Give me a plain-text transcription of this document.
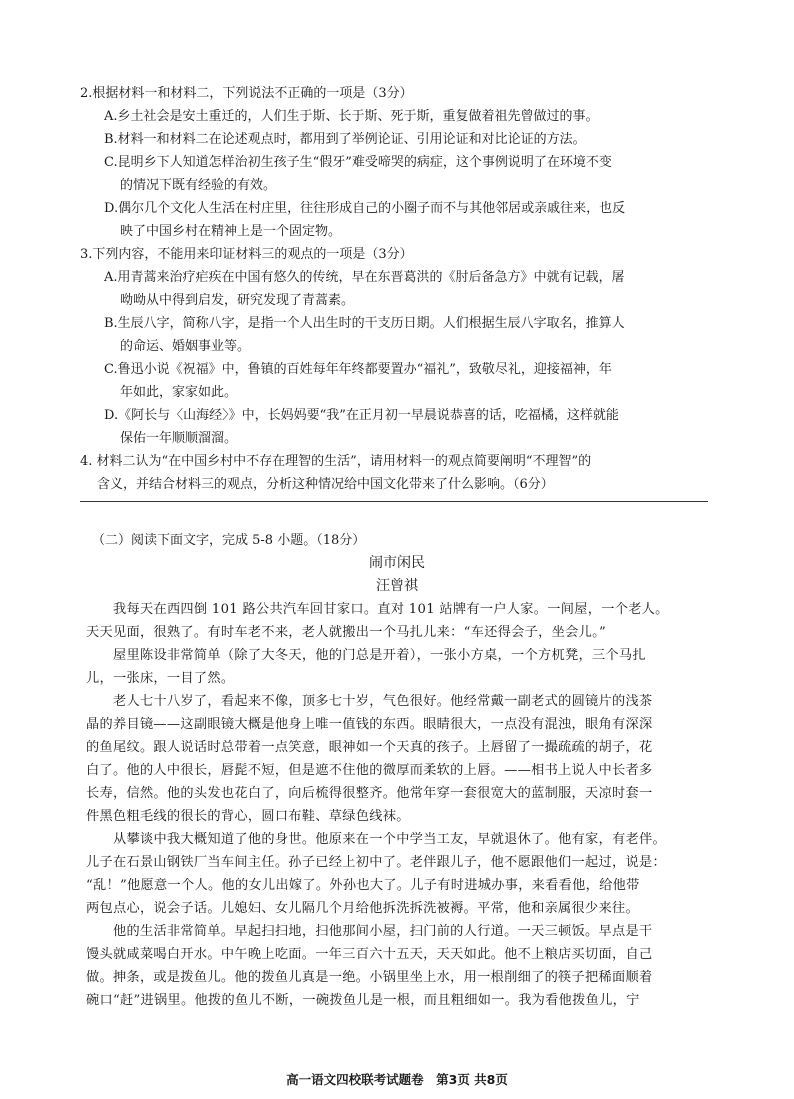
2.根据材料一和材料二，下列说法不正确的一项是（3分）
A.乡土社会是安土重迁的，人们生于斯、长于斯、死于斯，重复做着祖先曾做过的事。
B.材料一和材料二在论述观点时，都用到了举例论证、引用论证和对比论证的方法。
C.昆明乡下人知道怎样治初生孩子生“假牙”难受啼哭的病症，这个事例说明了在环境不变
的情况下既有经验的有效。
D.偶尔几个文化人生活在村庄里，往往形成自己的小圈子而不与其他邻居或亲戚往来，也反
映了中国乡村在精神上是一个固定物。
3.下列内容，不能用来印证材料三的观点的一项是（3分）
A.用青蒿来治疗疟疾在中国有悠久的传统，早在东晋葛洪的《肘后备急方》中就有记载，屠
呦呦从中得到启发，研究发现了青蒿素。
B.生辰八字，简称八字，是指一个人出生时的干支历日期。人们根据生辰八字取名，推算人
的命运、婚姻事业等。
C.鲁迅小说《祝福》中，鲁镇的百姓每年年终都要置办“福礼”，致敬尽礼，迎接福神，年
年如此，家家如此。
D.《阿长与〈山海经〉》中，长妈妈要“我”在正月初一早晨说恭喜的话，吃福橘，这样就能
保佑一年顺顺溜溜。
4. 材料二认为“在中国乡村中不存在理智的生活”，请用材料一的观点简要阐明“不理智”的
含义，并结合材料三的观点，分析这种情况给中国文化带来了什么影响。（6分）
（二）阅读下面文字，完成 5-8 小题。（18分）
闹市闲民
汪曾祺
我每天在西四倒 101 路公共汽车回甘家口。直对 101 站牌有一户人家。一间屋，一个老人。
天天见面，很熟了。有时车老不来，老人就搬出一个马扎儿来：“车还得会子，坐会儿。”
屋里陈设非常简单（除了大冬天，他的门总是开着），一张小方桌，一个方杌凳，三个马扎
儿，一张床，一目了然。
老人七十八岁了，看起来不像，顶多七十岁，气色很好。他经常戴一副老式的圆镜片的浅茶
晶的养目镜——这副眼镜大概是他身上唯一值钱的东西。眼睛很大，一点没有混浊，眼角有深深
的鱼尾纹。跟人说话时总带着一点笑意，眼神如一个天真的孩子。上唇留了一撮疏疏的胡子，花
白了。他的人中很长，唇髭不短，但是遮不住他的微厚而柔软的上唇。——相书上说人中长者多
长寿，信然。他的头发也花白了，向后梳得很整齐。他常年穿一套很宽大的蓝制服，天凉时套一
件黑色粗毛线的很长的背心，圆口布鞋、草绿色线袜。
从攀谈中我大概知道了他的身世。他原来在一个中学当工友，早就退休了。他有家，有老伴。
儿子在石景山钢铁厂当车间主任。孙子已经上初中了。老伴跟儿子，他不愿跟他们一起过，说是：
“乱！”他愿意一个人。他的女儿出嫁了。外孙也大了。儿子有时进城办事，来看看他，给他带
两包点心，说会子话。儿媳妇、女儿隔几个月给他拆洗拆洗被褥。平常，他和亲属很少来往。
他的生活非常简单。早起扫扫地，扫他那间小屋，扫门前的人行道。一天三顿饭。早点是干
馒头就咸菜喝白开水。中午晚上吃面。一年三百六十五天，天天如此。他不上粮店买切面，自己
做。抻条，或是拨鱼儿。他的拨鱼儿真是一绝。小锅里坐上水，用一根削细了的筷子把稀面顺着
碗口“赶”进锅里。他拨的鱼儿不断，一碗拨鱼儿是一根，而且粗细如一。我为看他拨鱼儿，宁
高一语文四校联考试题卷　第3页 共8页
